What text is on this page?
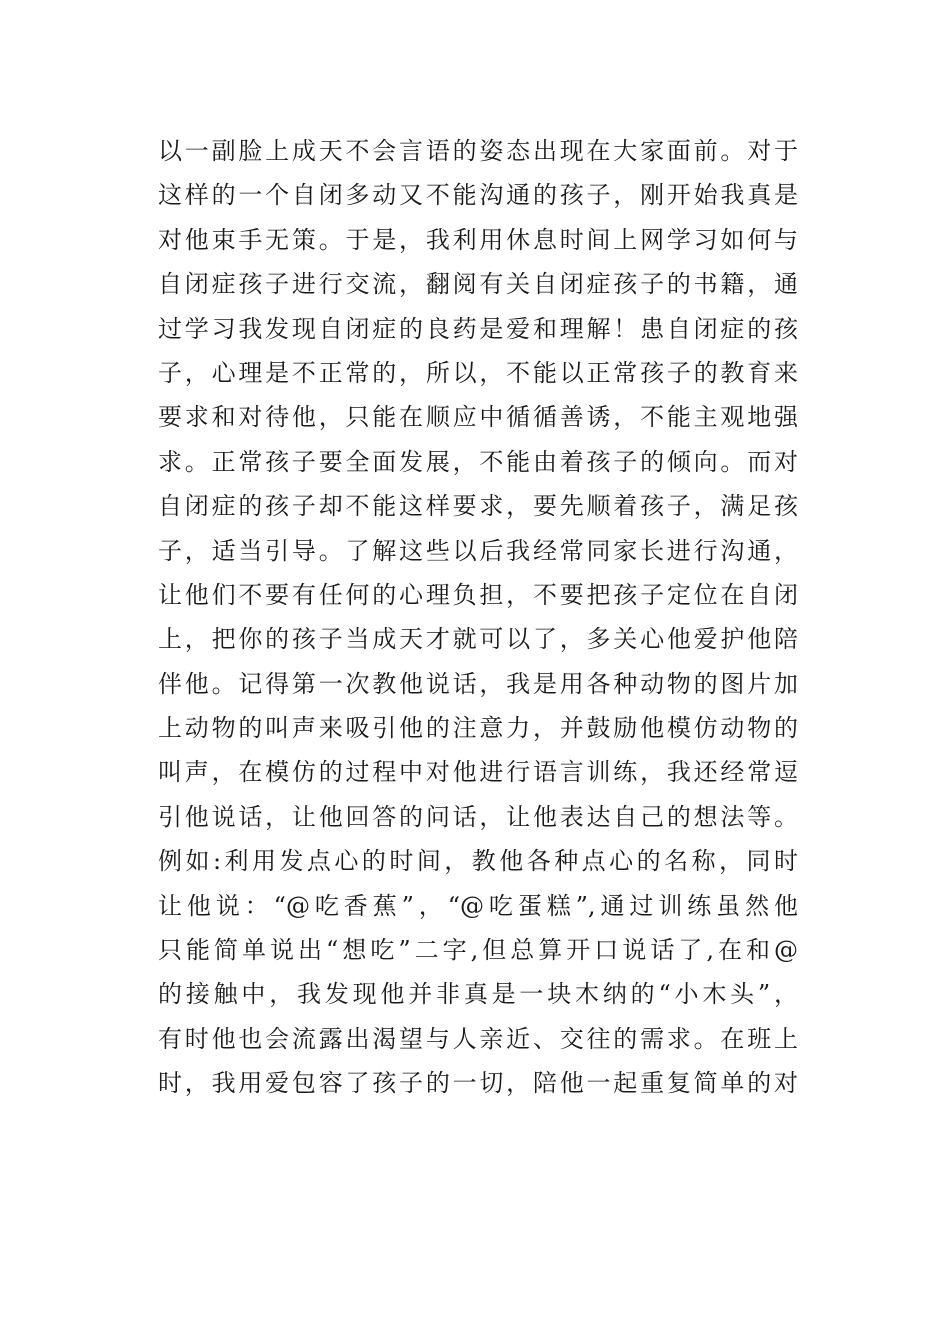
以一副脸上成天不会言语的姿态出现在大家面前。对于
这样的一个自闭多动又不能沟通的孩子，刚开始我真是
对他束手无策。于是，我利用休息时间上网学习如何与
自闭症孩子进行交流，翻阅有关自闭症孩子的书籍，通
过学习我发现自闭症的良药是爱和理解！患自闭症的孩
子，心理是不正常的，所以，不能以正常孩子的教育来
要求和对待他，只能在顺应中循循善诱，不能主观地强
求。正常孩子要全面发展，不能由着孩子的倾向。而对
自闭症的孩子却不能这样要求，要先顺着孩子，满足孩
子，适当引导。了解这些以后我经常同家长进行沟通，
让他们不要有任何的心理负担，不要把孩子定位在自闭
上，把你的孩子当成天才就可以了，多关心他爱护他陪
伴他。记得第一次教他说话，我是用各种动物的图片加
上动物的叫声来吸引他的注意力，并鼓励他模仿动物的
叫声，在模仿的过程中对他进行语言训练，我还经常逗
引他说话，让他回答的问话，让他表达自己的想法等。
例如:利用发点心的时间，教他各种点心的名称，同时
让他说：“@吃香蕉”，“@吃蛋糕”,通过训练虽然他
只能简单说出“想吃”二字,但总算开口说话了,在和@
的接触中，我发现他并非真是一块木纳的“小木头”，
有时他也会流露出渴望与人亲近、交往的需求。在班上
时，我用爱包容了孩子的一切，陪他一起重复简单的对
